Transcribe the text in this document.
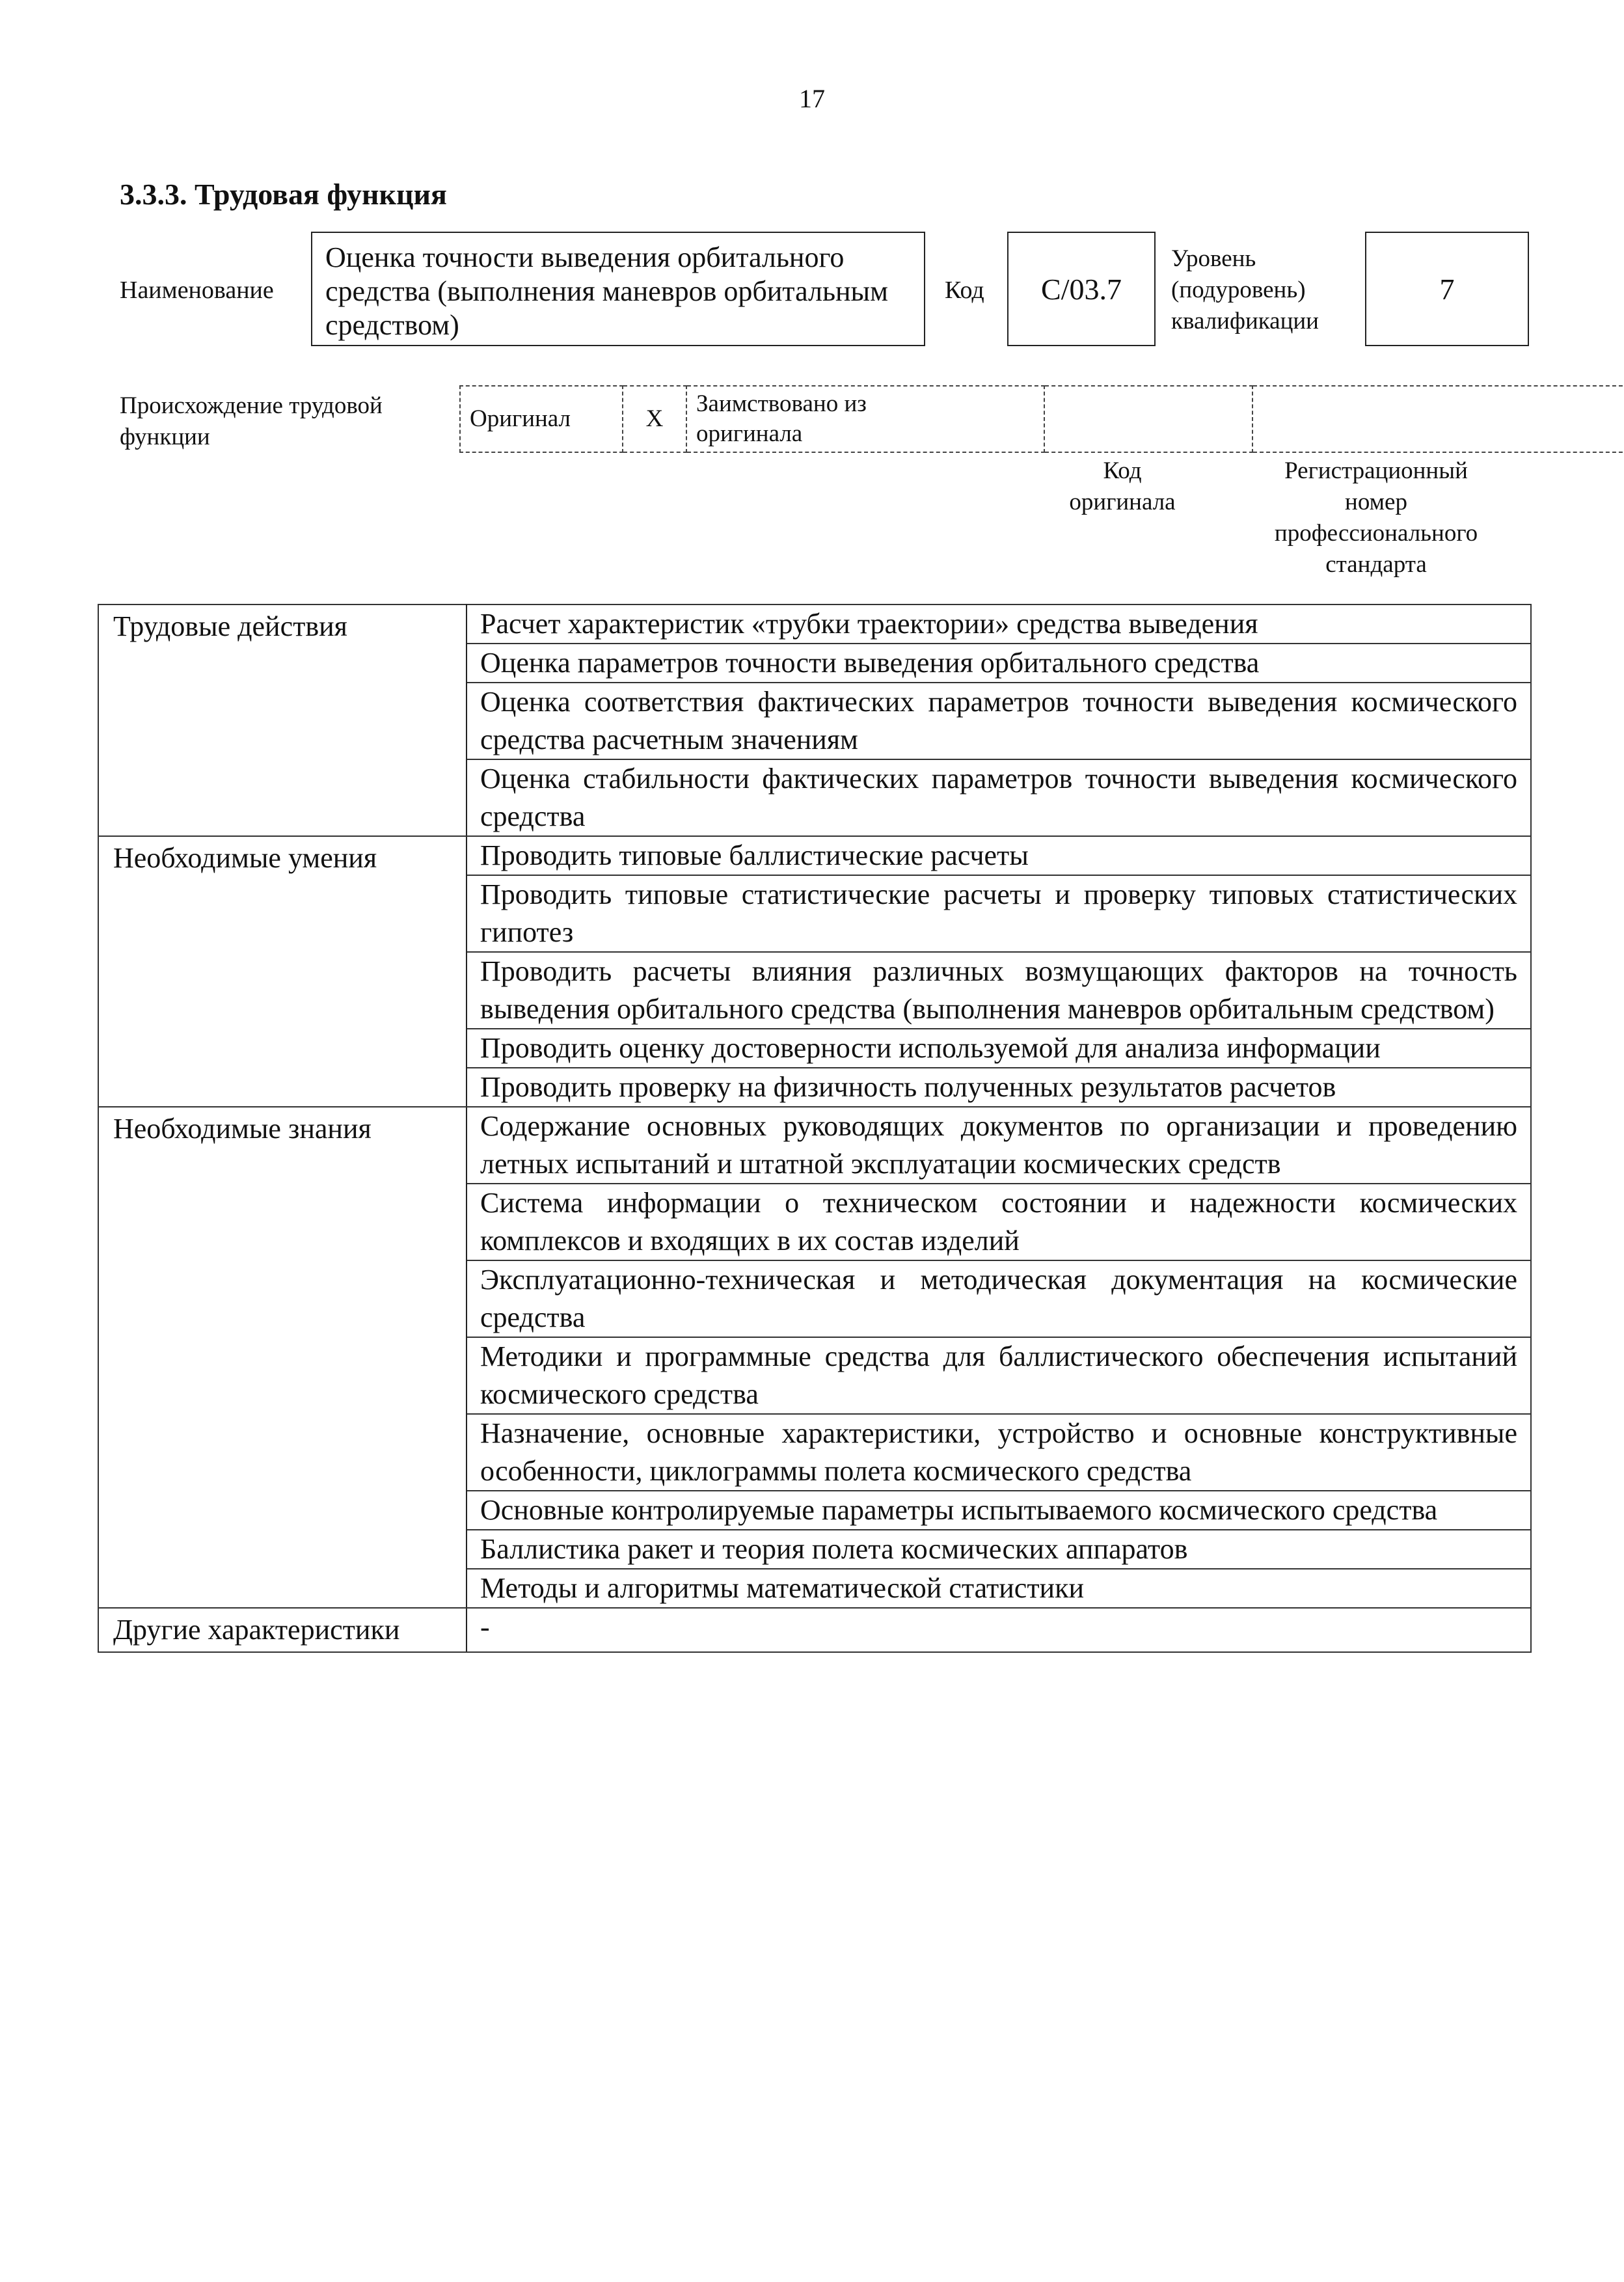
17
3.3.3. Трудовая функция
Наименование
Оценка точности выведения орбитального средства (выполнения маневров орбитальным средством)
Код	C/03.7
Уровень
(подуровень)
квалификации
7
Происхождение трудовой
функции
Оригинал	X	
Заимствовано из
оригинала

Код
оригинала
Регистрационный
номер
профессионального
стандарта
Трудовые действия	Расчет характеристик «трубки траектории» средства выведения
	Оценка параметров точности выведения орбитального средства
	Оценка соответствия фактических параметров точности выведения космического средства расчетным значениям
	Оценка стабильности фактических параметров точности выведения космического средства
Необходимые умения	Проводить типовые баллистические расчеты
	Проводить типовые статистические расчеты и проверку типовых статистических гипотез
	Проводить расчеты влияния различных возмущающих факторов на точность выведения орбитального средства (выполнения маневров орбитальным средством)
	Проводить оценку достоверности используемой для анализа информации
	Проводить проверку на физичность полученных результатов расчетов
Необходимые знания	Содержание основных руководящих документов по организации и проведению летных испытаний и штатной эксплуатации космических средств
	Система информации о техническом состоянии и надежности космических комплексов и входящих в их состав изделий
	Эксплуатационно-техническая и методическая документация на космические средства
	Методики и программные средства для баллистического обеспечения испытаний космического средства
	Назначение, основные характеристики, устройство и основные конструктивные особенности, циклограммы полета космического средства
	Основные контролируемые параметры испытываемого космического средства
	Баллистика ракет и теория полета космических аппаратов
	Методы и алгоритмы математической статистики
Другие характеристики	-
